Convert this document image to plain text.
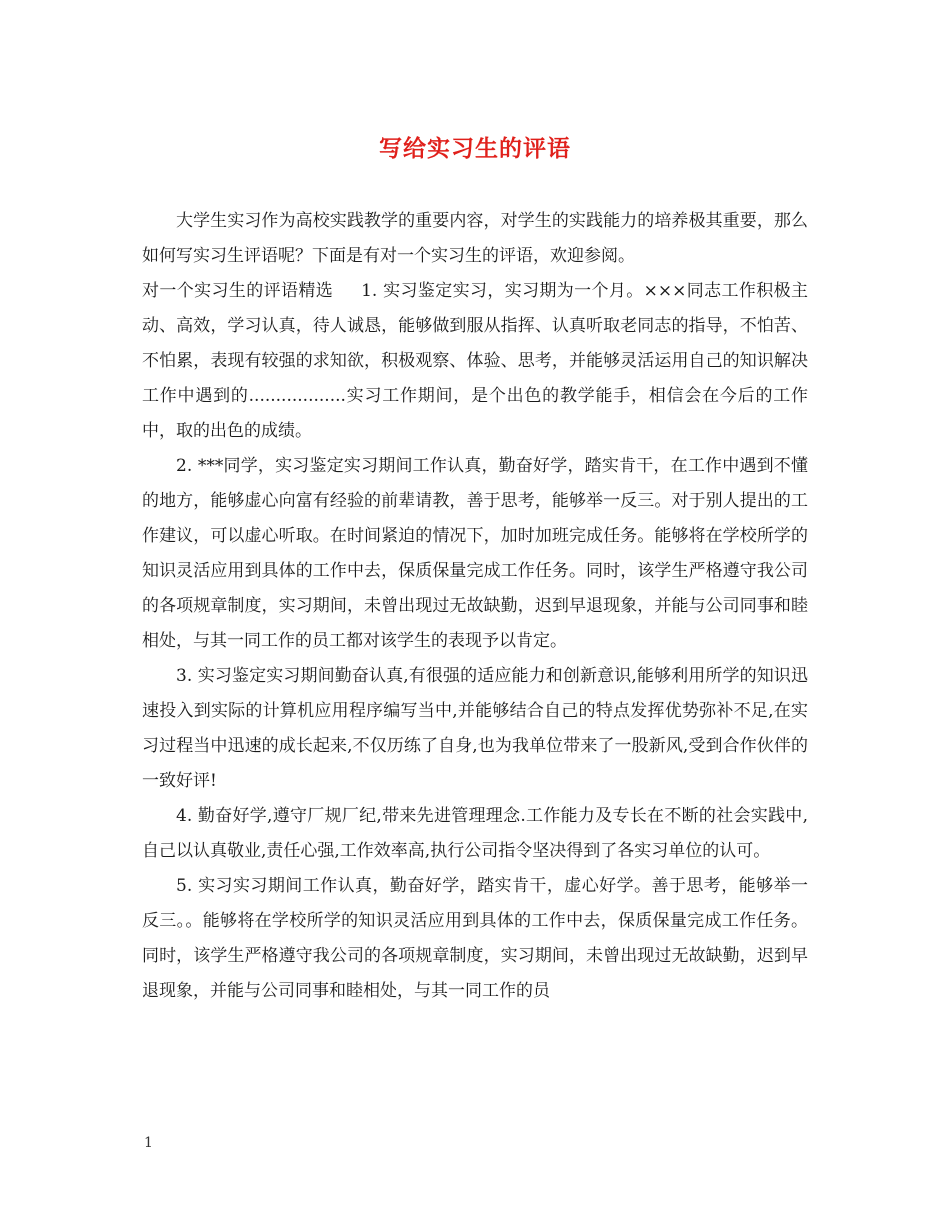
写给实习生的评语

大学生实习作为高校实践教学的重要内容，对学生的实践能力的培养极其重要，那么如何写实习生评语呢？下面是有对一个实习生的评语，欢迎参阅。

对一个实习生的评语精选 1. 实习鉴定实习，实习期为一个月。×××同志工作积极主动、高效，学习认真，待人诚恳，能够做到服从指挥、认真听取老同志的指导，不怕苦、不怕累，表现有较强的求知欲，积极观察、体验、思考，并能够灵活运用自己的知识解决工作中遇到的..................实习工作期间，是个出色的教学能手，相信会在今后的工作中，取的出色的成绩。

2. ***同学，实习鉴定实习期间工作认真，勤奋好学，踏实肯干，在工作中遇到不懂的地方，能够虚心向富有经验的前辈请教，善于思考，能够举一反三。对于别人提出的工作建议，可以虚心听取。在时间紧迫的情况下，加时加班完成任务。能够将在学校所学的知识灵活应用到具体的工作中去，保质保量完成工作任务。同时，该学生严格遵守我公司的各项规章制度，实习期间，未曾出现过无故缺勤，迟到早退现象，并能与公司同事和睦相处，与其一同工作的员工都对该学生的表现予以肯定。

3. 实习鉴定实习期间勤奋认真,有很强的适应能力和创新意识,能够利用所学的知识迅速投入到实际的计算机应用程序编写当中,并能够结合自己的特点发挥优势弥补不足,在实习过程当中迅速的成长起来,不仅历练了自身,也为我单位带来了一股新风,受到合作伙伴的一致好评!

4. 勤奋好学,遵守厂规厂纪,带来先进管理理念.工作能力及专长在不断的社会实践中,自己以认真敬业,责任心强,工作效率高,执行公司指令坚决得到了各实习单位的认可。

5. 实习实习期间工作认真，勤奋好学，踏实肯干，虚心好学。善于思考，能够举一反三。。能够将在学校所学的知识灵活应用到具体的工作中去，保质保量完成工作任务。同时，该学生严格遵守我公司的各项规章制度，实习期间，未曾出现过无故缺勤，迟到早退现象，并能与公司同事和睦相处，与其一同工作的员

1
